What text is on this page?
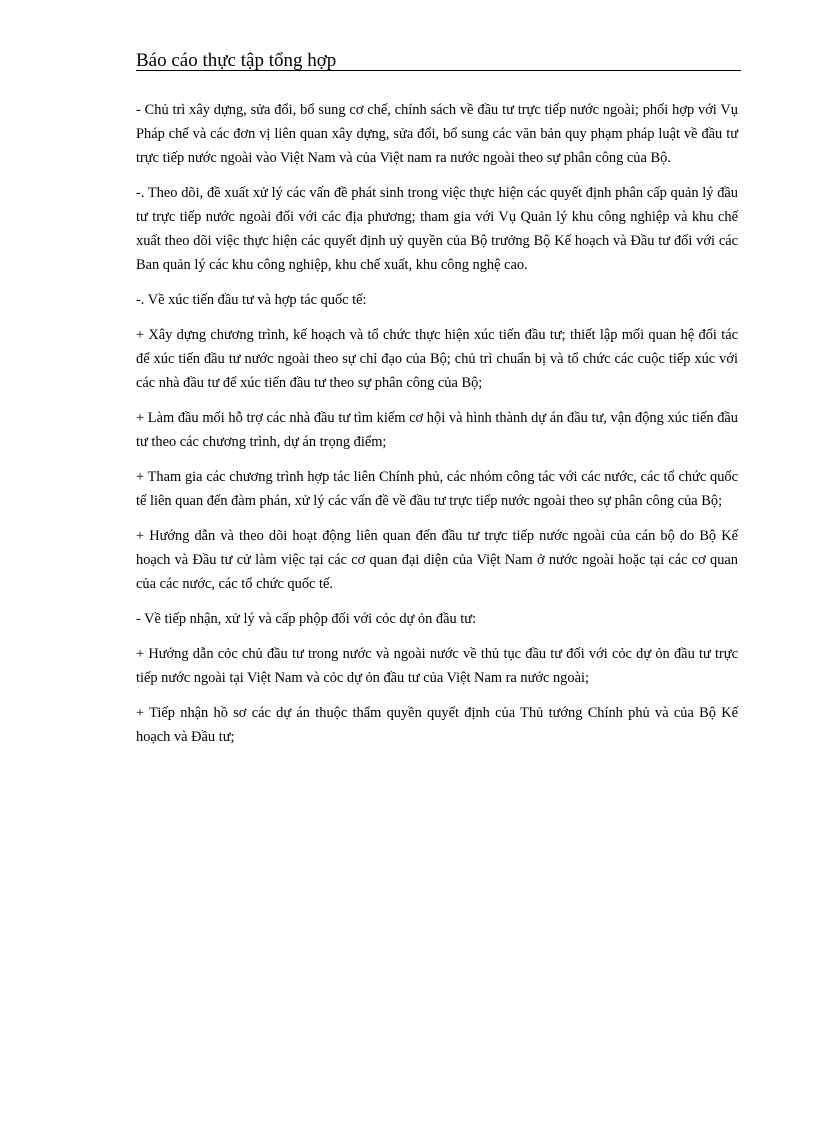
Báo cáo thực tập tổng hợp

- Chủ trì xây dựng, sửa đổi, bổ sung cơ chế, chính sách về đầu tư trực tiếp nước ngoài; phối hợp với Vụ Pháp chế và các đơn vị liên quan xây dựng, sửa đổi, bổ sung các văn bản quy phạm pháp luật về đầu tư trực tiếp nước ngoài vào Việt Nam và của Việt nam ra nước ngoài theo sự phân công của Bộ.

-. Theo dõi, đề xuất xử lý các vấn đề phát sinh trong việc thực hiện các quyết định phân cấp quản lý đầu tư trực tiếp nước ngoài đối với các địa phương; tham gia với Vụ Quản lý khu công nghiệp và khu chế xuất theo dõi việc thực hiện các quyết định uỷ quyền của Bộ trưởng Bộ Kế hoạch và Đầu tư đối với các Ban quản lý các khu công nghiệp, khu chế xuất, khu công nghệ cao.

-. Về xúc tiến đầu tư và hợp tác quốc tế:

+ Xây dựng chương trình, kế hoạch và tổ chức thực hiện xúc tiến đầu tư; thiết lập mối quan hệ đối tác để xúc tiến đầu tư nước ngoài theo sự chỉ đạo của Bộ; chủ trì chuẩn bị và tổ chức các cuộc tiếp xúc với các nhà đầu tư để xúc tiến đầu tư theo sự phân công của Bộ;

+ Làm đầu mối hỗ trợ các nhà đầu tư tìm kiếm cơ hội và hình thành dự án đầu tư, vận động xúc tiến đầu tư theo các chương trình, dự án trọng điểm;

+ Tham gia các chương trình hợp tác liên Chính phủ, các nhóm công tác với các nước, các tổ chức quốc tế liên quan đến đàm phán, xử lý các vấn đề về đầu tư trực tiếp nước ngoài theo sự phân công của Bộ;

+ Hướng dẫn và theo dõi hoạt động liên quan đến đầu tư trực tiếp nước ngoài của cán bộ do Bộ Kế hoạch và Đầu tư cử làm việc tại các cơ quan đại diện của Việt Nam ở nước ngoài hoặc tại các cơ quan của các nước, các tổ chức quốc tế.

- Về tiếp nhận, xử lý và cấp phộp đối với cỏc dự ỏn đầu tư:

+ Hướng dẫn cỏc chủ đầu tư trong nước và ngoài nước về thủ tục đầu tư đối với cỏc dự ỏn đầu tư trực tiếp nước ngoài tại Việt Nam và cỏc dự ỏn đầu tư của Việt Nam ra nước ngoài;

+ Tiếp nhận hồ sơ các dự án thuộc thẩm quyền quyết định của Thủ tướng Chính phủ và của Bộ Kế hoạch và Đầu tư;
